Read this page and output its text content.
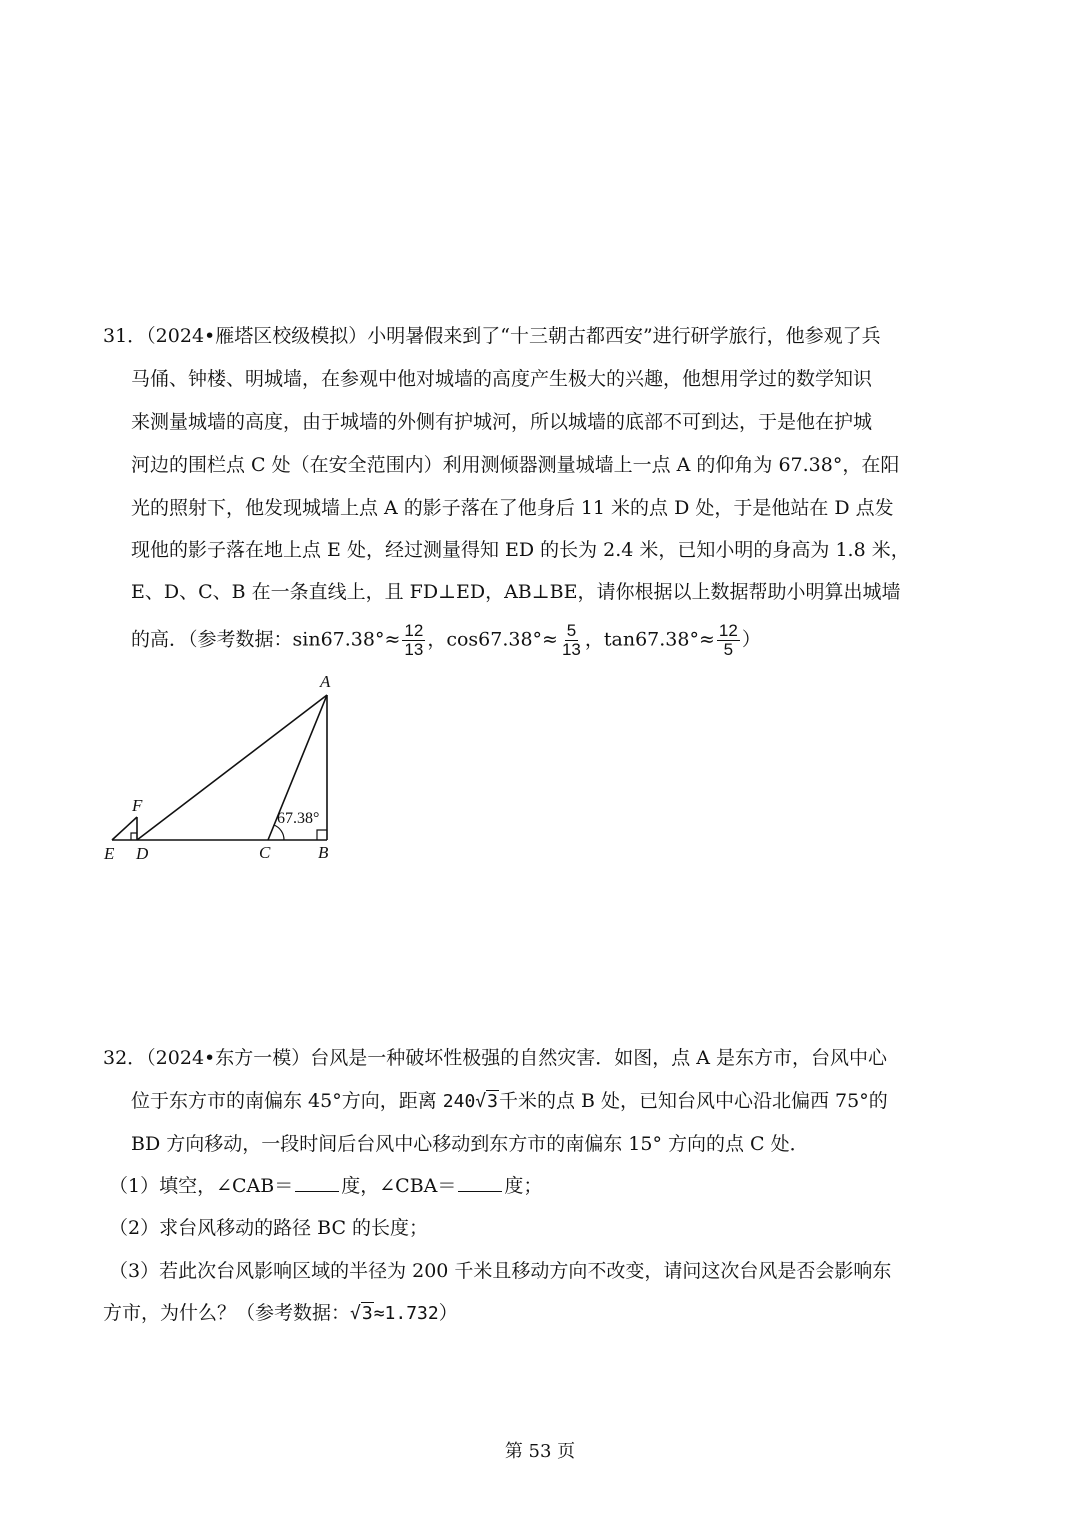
31．（2024•雁塔区校级模拟）小明暑假来到了“十三朝古都西安”进行研学旅行，他参观了兵
马俑、钟楼、明城墙，在参观中他对城墙的高度产生极大的兴趣，他想用学过的数学知识
来测量城墙的高度，由于城墙的外侧有护城河，所以城墙的底部不可到达，于是他在护城
河边的围栏点 C 处（在安全范围内）利用测倾器测量城墙上一点 A 的仰角为 67.38°，在阳
光的照射下，他发现城墙上点 A 的影子落在了他身后 11 米的点 D 处，于是他站在 D 点发
现他的影子落在地上点 E 处，经过测量得知 ED 的长为 2.4 米，已知小明的身高为 1.8 米，
E、D、C、B 在一条直线上，且 FD⊥ED，AB⊥BE，请你根据以上数据帮助小明算出城墙
的高．（参考数据：$\sin 67.38^\circ\approx \frac{12}{13}$ ，$\cos 67.38^\circ\approx \frac{5}{13}$ ，$\tan 67.38^\circ\approx \frac{12}{5}$ ）
A
B
C
D
E
F
67.38°
32．（2024•东方一模）台风是一种破坏性极强的自然灾害．如图，点 A 是东方市，台风中心
位于东方市的南偏东 45°方向，距离 240√3千米的点 B 处，已知台风中心沿北偏西 75°的
BD 方向移动，一段时间后台风中心移动到东方市的南偏东 15° 方向的点 C 处．
（1）填空，∠CAB＝	度，∠CBA＝	度；
（2）求台风移动的路径 BC 的长度；
（3）若此次台风影响区域的半径为 200 千米且移动方向不改变，请问这次台风是否会影响东
方市，为什么？（参考数据：√3≈1.732）
第 53 页
